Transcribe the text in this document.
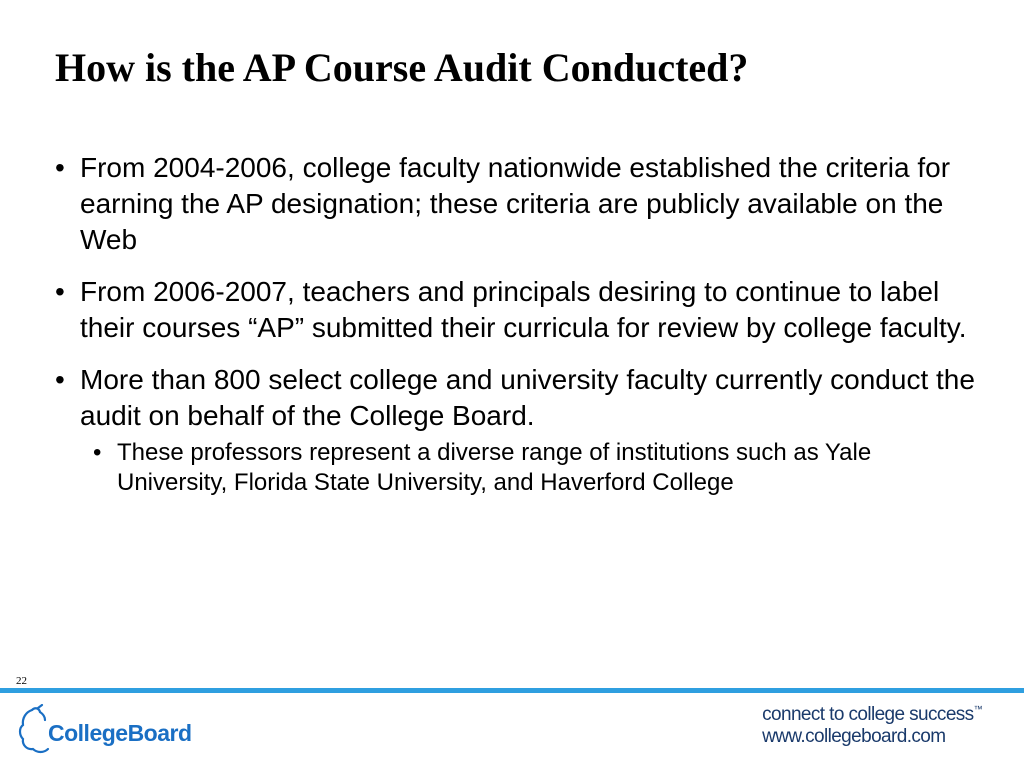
How is the AP Course Audit Conducted?
• From 2004-2006, college faculty nationwide established the criteria for earning the AP designation; these criteria are publicly available on the Web
• From 2006-2007, teachers and principals desiring to continue to label their courses “AP” submitted their curricula for review by college faculty.
• More than 800 select college and university faculty currently conduct the audit on behalf of the College Board.
• These professors represent a diverse range of institutions such as Yale University, Florida State University, and Haverford College
22
CollegeBoard
connect to college success™
www.collegeboard.com
